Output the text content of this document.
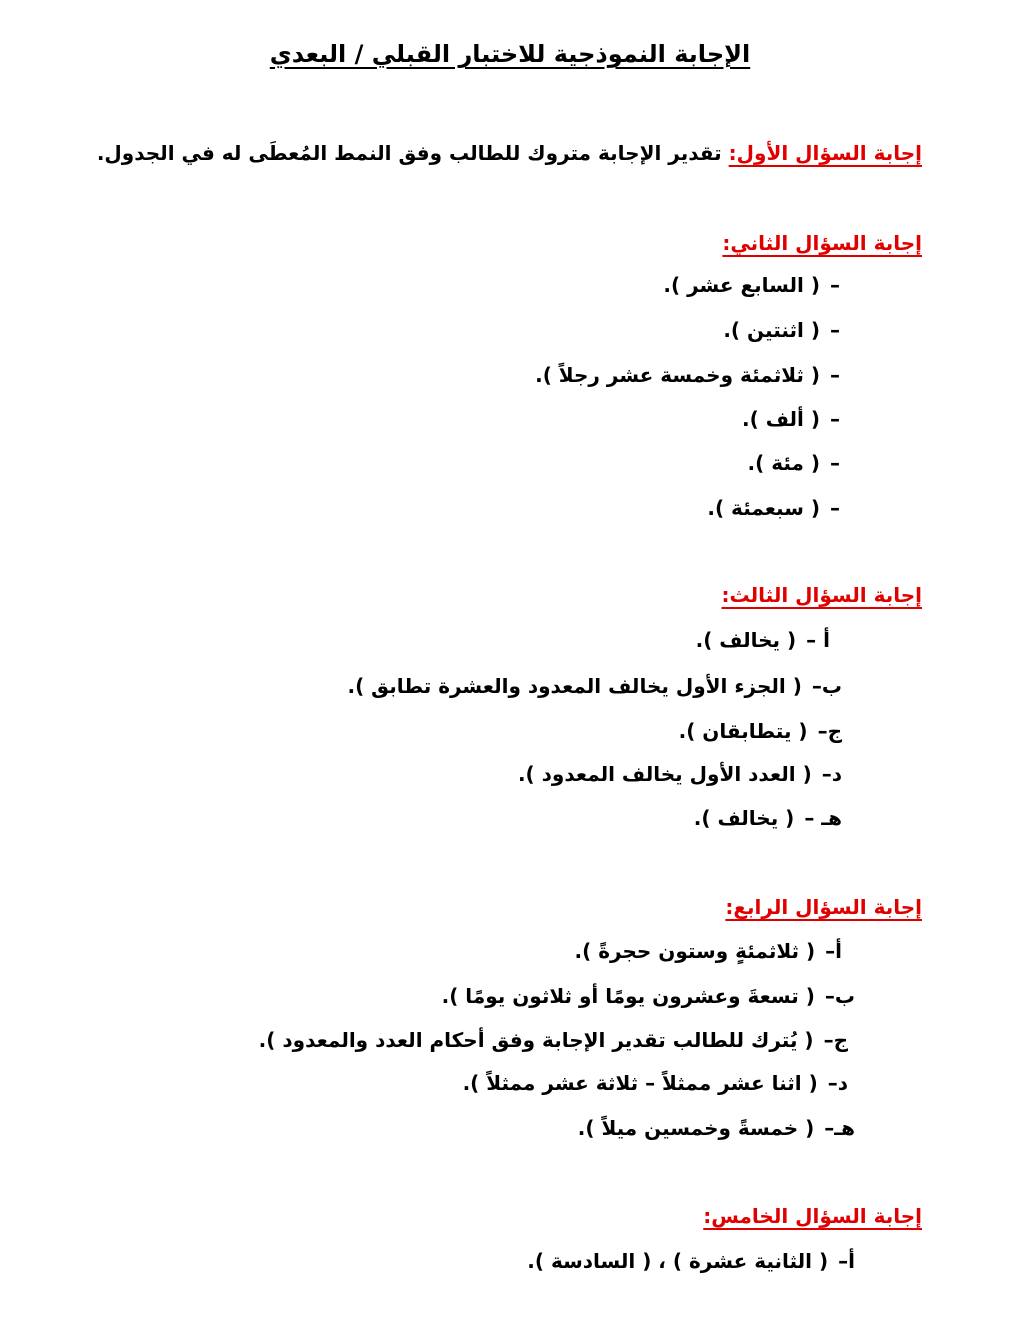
الإجابة النموذجية للاختبار القبلي / البعدي
إجابة السؤال الأول: تقدير الإجابة متروك للطالب وفق النمط المُعطَى له في الجدول.
إجابة السؤال الثاني:
–( السابع عشر ).
–( اثنتين ).
–( ثلاثمئة وخمسة عشر رجلاً ).
–( ألف ).
–( مئة ).
–( سبعمئة ).
إجابة السؤال الثالث:
أ –( يخالف ).
ب–( الجزء الأول يخالف المعدود والعشرة تطابق ).
ج–( يتطابقان ).
د–( العدد الأول يخالف المعدود ).
هـ –( يخالف ).
إجابة السؤال الرابع:
أ–( ثلاثمئةٍ وستون حجرةً ).
ب–( تسعةَ وعشرون يومًا أو ثلاثون يومًا ).
ج–( يُترك للطالب تقدير الإجابة وفق أحكام العدد والمعدود ).
د–( اثنا عشر ممثلاً – ثلاثة عشر ممثلاً ).
هـ–( خمسةً وخمسين ميلاً ).
إجابة السؤال الخامس:
أ–( الثانية عشرة ) ، ( السادسة ).
